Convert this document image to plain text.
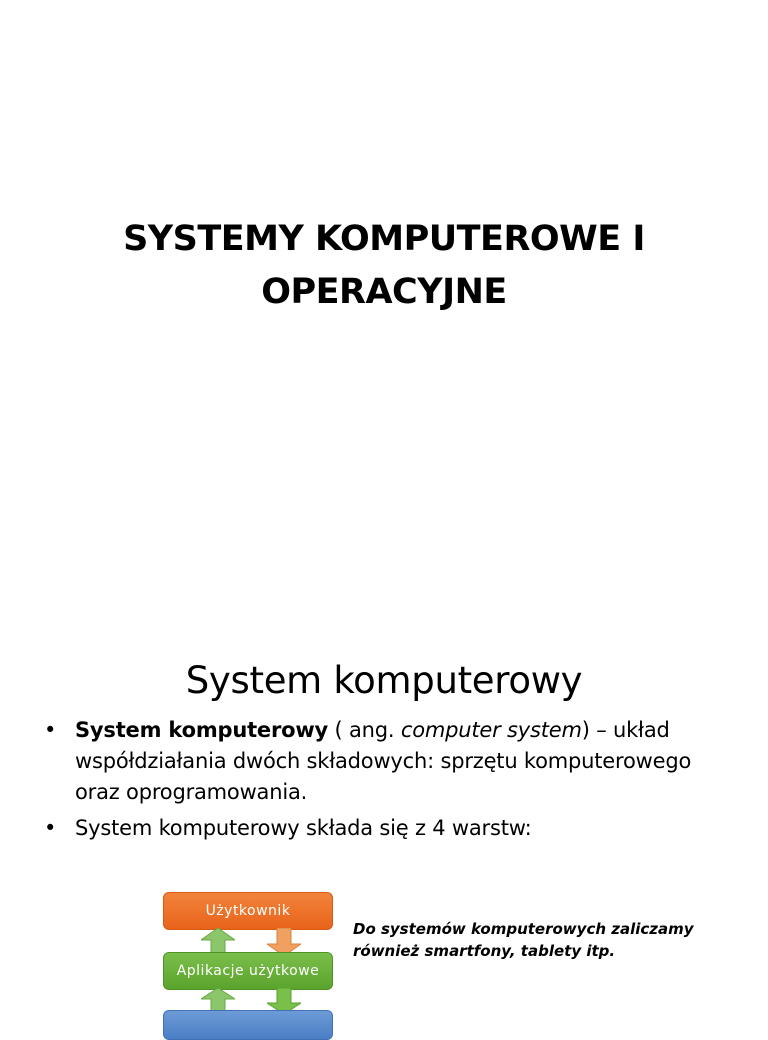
SYSTEMY KOMPUTEROWE I
OPERACYJNE
System komputerowy
• System komputerowy ( ang. computer system) – układ współdziałania dwóch składowych: sprzętu komputerowego oraz oprogramowania.
• System komputerowy składa się z 4 warstw:
Użytkownik
Aplikacje użytkowe
Do systemów komputerowych zaliczamy
również smartfony, tablety itp.
